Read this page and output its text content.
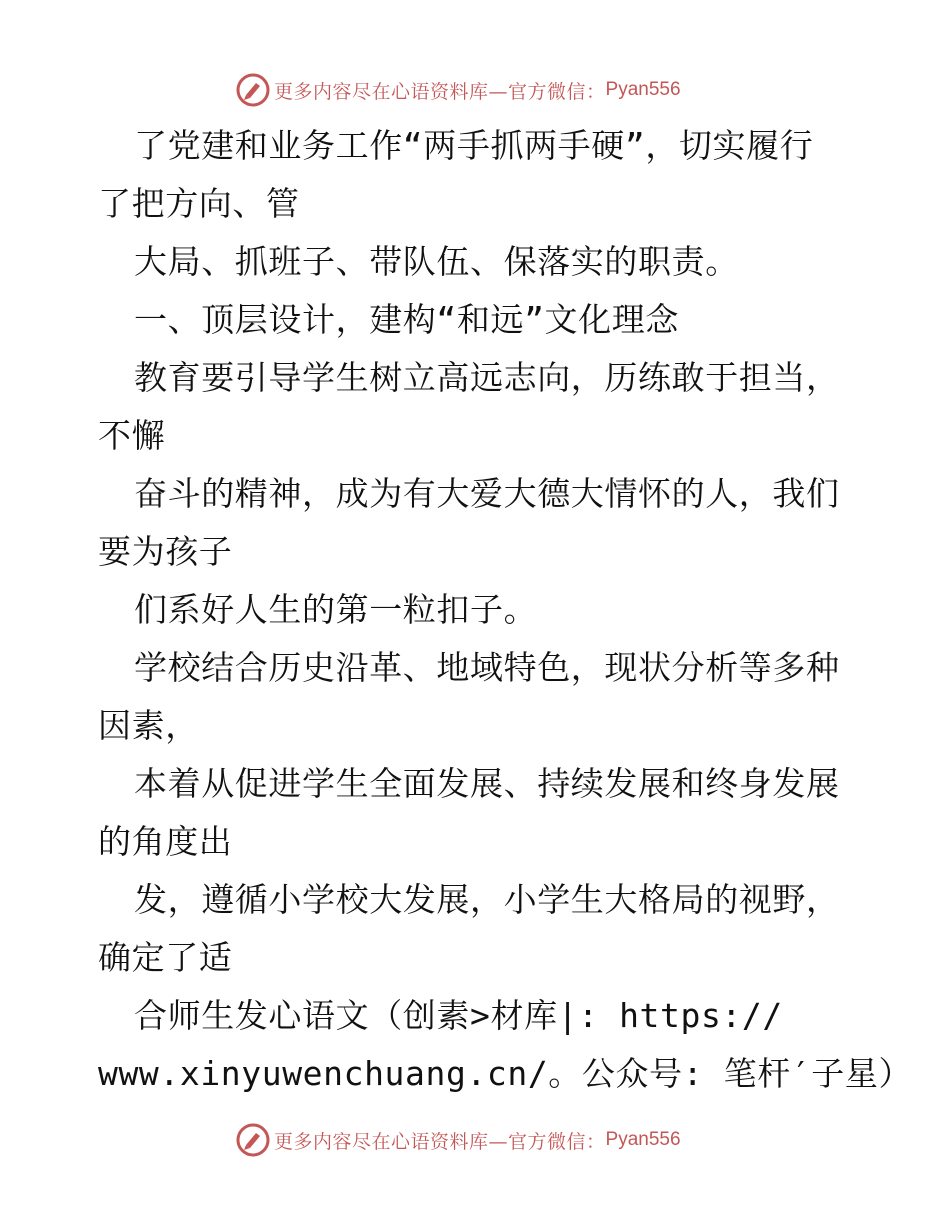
更多内容尽在心语资料库—官方微信： Pyan556
了党建和业务工作“两手抓两手硬”，切实履行
了把方向、管
大局、抓班子、带队伍、保落实的职责。
一、顶层设计，建构“和远”文化理念
教育要引导学生树立高远志向，历练敢于担当，
不懈
奋斗的精神，成为有大爱大德大情怀的人，我们
要为孩子
们系好人生的第一粒扣子。
学校结合历史沿革、地域特色，现状分析等多种
因素，
本着从促进学生全面发展、持续发展和终身发展
的角度出
发，遵循小学校大发展，小学生大格局的视野，
确定了适
合师生发心语文（创素>材库|: https://
www.xinyuwenchuang.cn/。公众号: 笔杆′子星）
更多内容尽在心语资料库—官方微信： Pyan556
